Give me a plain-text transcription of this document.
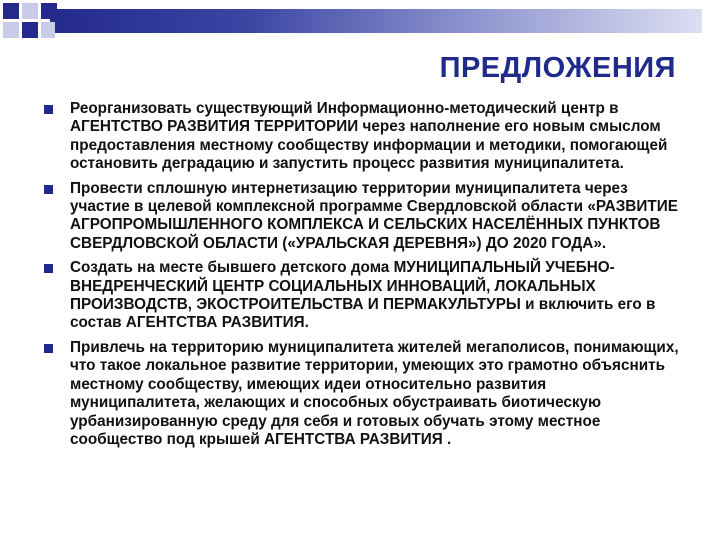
ПРЕДЛОЖЕНИЯ
Реорганизовать существующий Информационно-методический центр в АГЕНТСТВО РАЗВИТИЯ ТЕРРИТОРИИ через наполнение его новым смыслом предоставления местному сообществу информации и методики, помогающей остановить деградацию и запустить процесс развития муниципалитета.
Провести сплошную интернетизацию территории муниципалитета через участие в целевой комплексной программе Свердловской области «РАЗВИТИЕ АГРОПРОМЫШЛЕННОГО КОМПЛЕКСА И СЕЛЬСКИХ НАСЕЛЁННЫХ ПУНКТОВ СВЕРДЛОВСКОЙ ОБЛАСТИ («УРАЛЬСКАЯ ДЕРЕВНЯ») ДО 2020 ГОДА».
Создать на месте бывшего детского дома МУНИЦИПАЛЬНЫЙ УЧЕБНО-ВНЕДРЕНЧЕСКИЙ ЦЕНТР СОЦИАЛЬНЫХ ИННОВАЦИЙ, ЛОКАЛЬНЫХ ПРОИЗВОДСТВ, ЭКОСТРОИТЕЛЬСТВА И ПЕРМАКУЛЬТУРЫ и включить его в состав АГЕНТСТВА РАЗВИТИЯ.
Привлечь на территорию муниципалитета жителей мегаполисов, понимающих, что такое локальное развитие территории, умеющих это грамотно объяснить местному сообществу, имеющих идеи относительно развития муниципалитета, желающих и способных обустраивать биотическую урбанизированную среду для себя и готовых обучать этому местное сообщество под крышей АГЕНТСТВА РАЗВИТИЯ .
